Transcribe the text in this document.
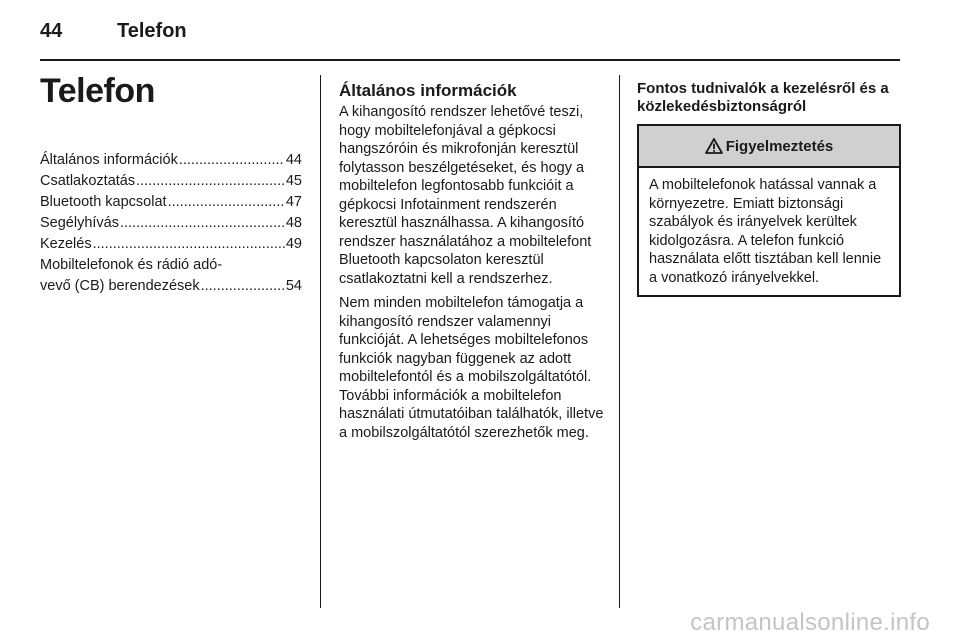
44	Telefon
Telefon
Általános információk .....	44
Csatlakoztatás .....	45
Bluetooth kapcsolat .....	47
Segélyhívás .....	48
Kezelés .....	49
Mobiltelefonok és rádió adó-
vevő (CB) berendezések .....	54
Általános információk

A kihangosító rendszer lehetővé teszi, hogy mobiltelefonjával a gépkocsi hangszóróin és mikrofonján keresztül folytasson beszélgetéseket, és hogy a mobiltelefon legfontosabb funkcióit a gépkocsi Infotainment rendszerén keresztül használhassa. A kihangosító rendszer használatához a mobiltelefont Bluetooth kapcsolaton keresztül csatlakoztatni kell a rendszerhez.

Nem minden mobiltelefon támogatja a kihangosító rendszer valamennyi funkcióját. A lehetséges mobiltelefonos funkciók nagyban függenek az adott mobiltelefontól és a mobilszolgáltatótól. További információk a mobiltelefon használati útmutatóiban találhatók, illetve a mobilszolgáltatótól szerezhetők meg.

Fontos tudnivalók a kezelésről és a közlekedésbiztonságról
Figyelmeztetés
A mobiltelefonok hatással vannak a környezetre. Emiatt biztonsági szabályok és irányelvek kerültek kidolgozásra. A telefon funkció használata előtt tisztában kell lennie a vonatkozó irányelvekkel.
carmanualsonline.info
